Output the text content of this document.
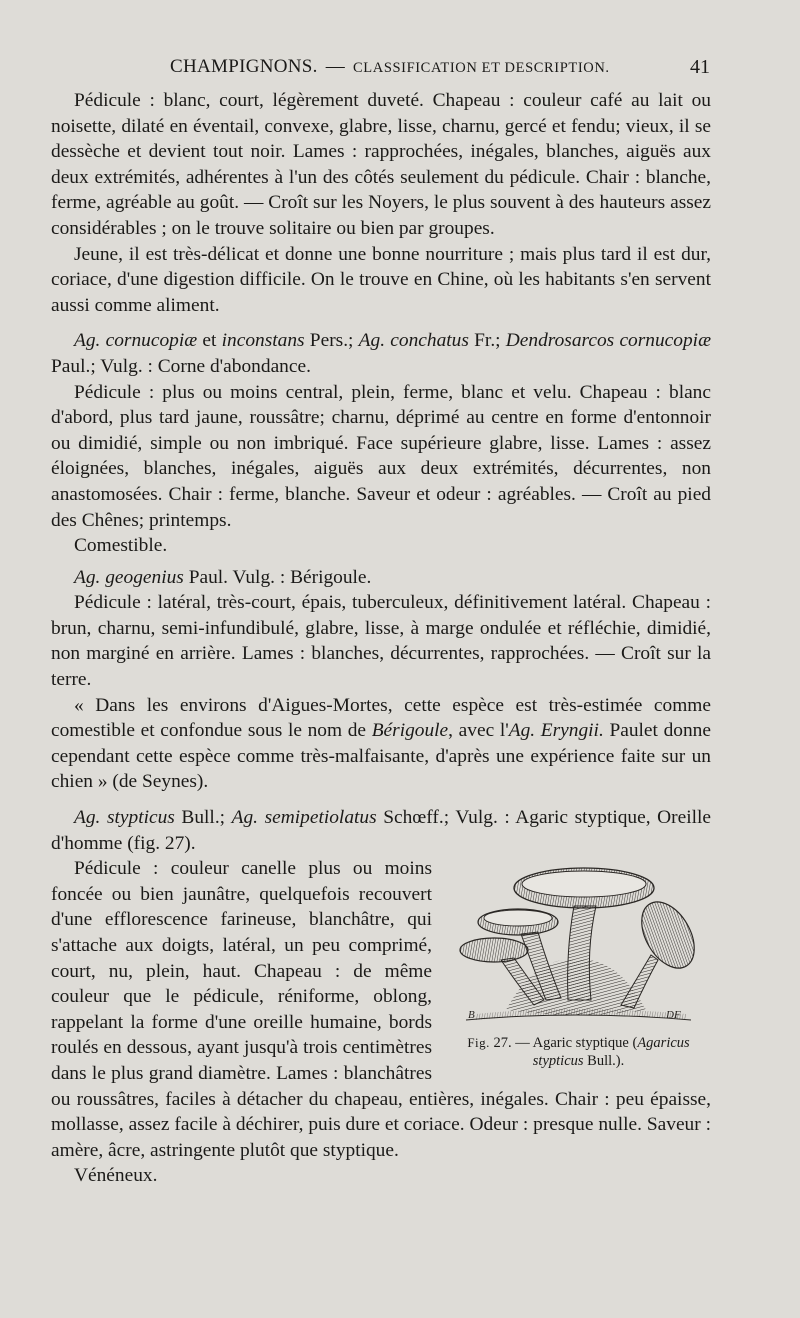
CHAMPIGNONS. — CLASSIFICATION ET DESCRIPTION.	41

Pédicule : blanc, court, légèrement duveté. Chapeau : couleur café au lait ou noisette, dilaté en éventail, convexe, glabre, lisse, charnu, gercé et fendu; vieux, il se dessèche et devient tout noir. Lames : rapprochées, inégales, blanches, aiguës aux deux extrémités, adhérentes à l'un des côtés seulement du pédicule. Chair : blanche, ferme, agréable au goût. — Croît sur les Noyers, le plus souvent à des hauteurs assez considérables ; on le trouve solitaire ou bien par groupes.

Jeune, il est très-délicat et donne une bonne nourriture ; mais plus tard il est dur, coriace, d'une digestion difficile. On le trouve en Chine, où les habitants s'en servent aussi comme aliment.

Ag. cornucopiæ et inconstans Pers.; Ag. conchatus Fr.; Dendrosarcos cornucopiæ Paul.; Vulg. : Corne d'abondance.

Pédicule : plus ou moins central, plein, ferme, blanc et velu. Chapeau : blanc d'abord, plus tard jaune, roussâtre; charnu, déprimé au centre en forme d'entonnoir ou dimidié, simple ou non imbriqué. Face supérieure glabre, lisse. Lames : assez éloignées, blanches, inégales, aiguës aux deux extrémités, décurrentes, non anastomosées. Chair : ferme, blanche. Saveur et odeur : agréables. — Croît au pied des Chênes; printemps.

Comestible.

Ag. geogenius Paul. Vulg. : Bérigoule.

Pédicule : latéral, très-court, épais, tuberculeux, définitivement latéral. Chapeau : brun, charnu, semi-infundibulé, glabre, lisse, à marge ondulée et réfléchie, dimidié, non marginé en arrière. Lames : blanches, décurrentes, rapprochées. — Croît sur la terre.

« Dans les environs d'Aigues-Mortes, cette espèce est très-estimée comme comestible et confondue sous le nom de Bérigoule, avec l'Ag. Eryngii. Paulet donne cependant cette espèce comme très-malfaisante, d'après une expérience faite sur un chien » (de Seynes).

Ag. stypticus Bull.; Ag. semipetiolatus Schœff.; Vulg. : Agaric styptique, Oreille d'homme (fig. 27).

B	DF
Fig. 27. — Agaric styptique (Agaricus stypticus Bull.).

Pédicule : couleur canelle plus ou moins foncée ou bien jaunâtre, quelquefois recouvert d'une efflorescence farineuse, blanchâtre, qui s'attache aux doigts, latéral, un peu comprimé, court, nu, plein, haut. Chapeau : de même couleur que le pédicule, réniforme, oblong, rappelant la forme d'une oreille humaine, bords roulés en dessous, ayant jusqu'à trois centimètres dans le plus grand diamètre. Lames : blanchâtres ou roussâtres, faciles à détacher du chapeau, entières, inégales. Chair : peu épaisse, mollasse, assez facile à déchirer, puis dure et coriace. Odeur : presque nulle. Saveur : amère, âcre, astringente plutôt que styptique.

Vénéneux.
